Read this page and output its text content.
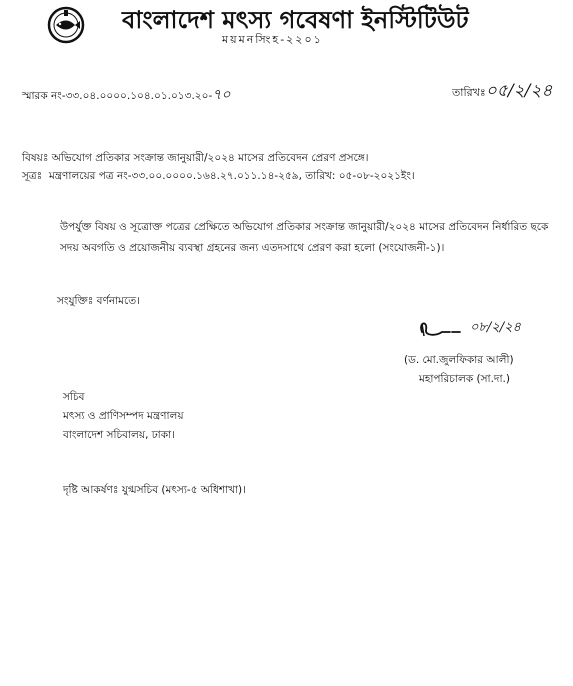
বাংলাদেশ মৎস্য গবেষণা ইনস্টিটিউট
ময়মনসিংহ-২২০১
স্মারক নং-৩৩.০৪.০০০০.১০৪.০১.০১৩.২০-৭০	তারিখঃ০৫/২/২৪
বিষয়ঃ অভিযোগ প্রতিকার সংক্রান্ত জানুয়ারী/২০২৪ মাসের প্রতিবেদন প্রেরণ প্রসঙ্গে।
সূত্রঃ মন্ত্রণালয়ের পত্র নং-৩৩.০০.০০০০.১৬৪.২৭.০১১.১৪-২৫৯, তারিখ: ০৫-০৮-২০২১ইং।
উপর্যুক্ত বিষয় ও সূত্রোক্ত পত্রের প্রেক্ষিতে অভিযোগ প্রতিকার সংক্রান্ত জানুয়ারী/২০২৪ মাসের প্রতিবেদন নির্ধারিত ছকে সদয় অবগতি ও প্রয়োজনীয় ব্যবস্থা গ্রহনের জন্য এতদসাথে প্রেরণ করা হলো (সংযোজনী-১)।
সংযুক্তিঃ বর্ণনামতে।
০৮/২/২৪
(ড. মো.জুলফিকার আলী)
মহাপরিচালক (সা.দা.)
সচিব
মৎস্য ও প্রাণিসম্পদ মন্ত্রণালয়
বাংলাদেশ সচিবালয়, ঢাকা।
দৃষ্টি আকর্ষণঃ যুগ্মসচিব (মৎস্য-৫ অধিশাখা)।
